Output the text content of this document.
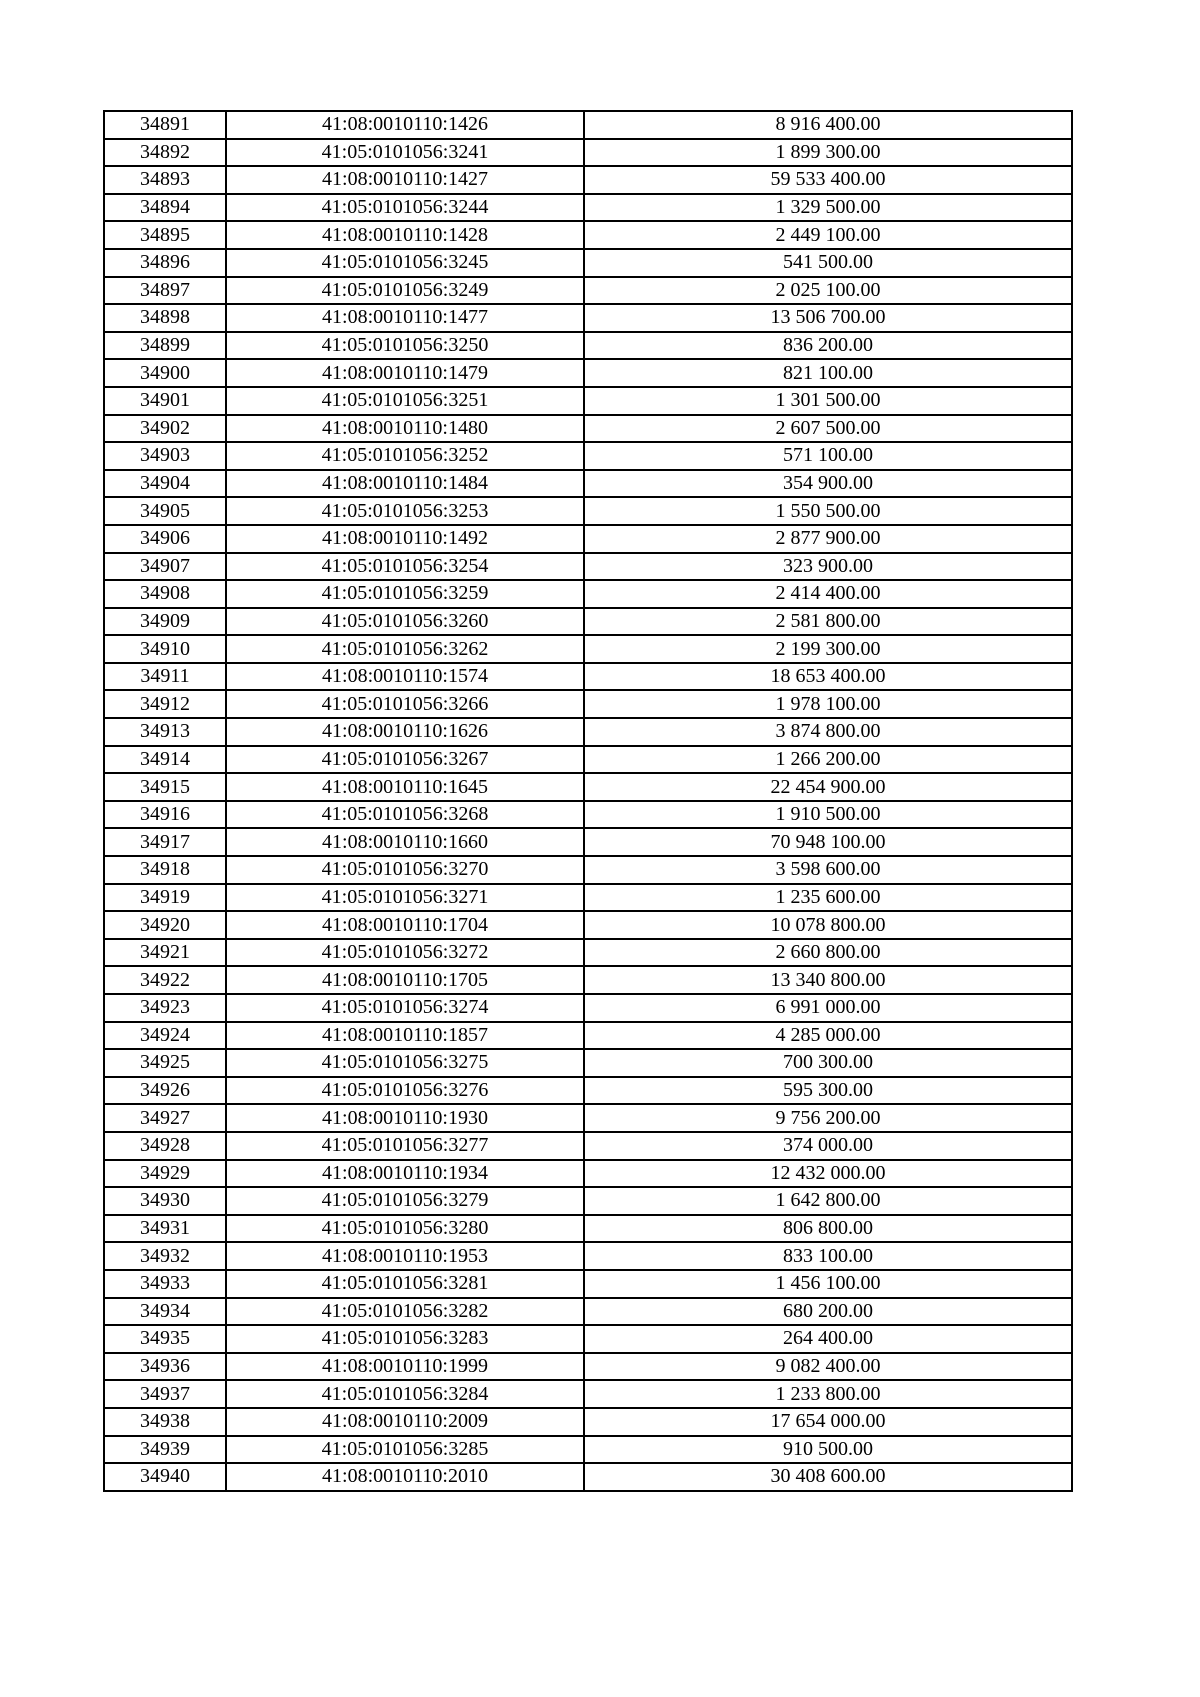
34891	41:08:0010110:1426	8 916 400.00
34892	41:05:0101056:3241	1 899 300.00
34893	41:08:0010110:1427	59 533 400.00
34894	41:05:0101056:3244	1 329 500.00
34895	41:08:0010110:1428	2 449 100.00
34896	41:05:0101056:3245	541 500.00
34897	41:05:0101056:3249	2 025 100.00
34898	41:08:0010110:1477	13 506 700.00
34899	41:05:0101056:3250	836 200.00
34900	41:08:0010110:1479	821 100.00
34901	41:05:0101056:3251	1 301 500.00
34902	41:08:0010110:1480	2 607 500.00
34903	41:05:0101056:3252	571 100.00
34904	41:08:0010110:1484	354 900.00
34905	41:05:0101056:3253	1 550 500.00
34906	41:08:0010110:1492	2 877 900.00
34907	41:05:0101056:3254	323 900.00
34908	41:05:0101056:3259	2 414 400.00
34909	41:05:0101056:3260	2 581 800.00
34910	41:05:0101056:3262	2 199 300.00
34911	41:08:0010110:1574	18 653 400.00
34912	41:05:0101056:3266	1 978 100.00
34913	41:08:0010110:1626	3 874 800.00
34914	41:05:0101056:3267	1 266 200.00
34915	41:08:0010110:1645	22 454 900.00
34916	41:05:0101056:3268	1 910 500.00
34917	41:08:0010110:1660	70 948 100.00
34918	41:05:0101056:3270	3 598 600.00
34919	41:05:0101056:3271	1 235 600.00
34920	41:08:0010110:1704	10 078 800.00
34921	41:05:0101056:3272	2 660 800.00
34922	41:08:0010110:1705	13 340 800.00
34923	41:05:0101056:3274	6 991 000.00
34924	41:08:0010110:1857	4 285 000.00
34925	41:05:0101056:3275	700 300.00
34926	41:05:0101056:3276	595 300.00
34927	41:08:0010110:1930	9 756 200.00
34928	41:05:0101056:3277	374 000.00
34929	41:08:0010110:1934	12 432 000.00
34930	41:05:0101056:3279	1 642 800.00
34931	41:05:0101056:3280	806 800.00
34932	41:08:0010110:1953	833 100.00
34933	41:05:0101056:3281	1 456 100.00
34934	41:05:0101056:3282	680 200.00
34935	41:05:0101056:3283	264 400.00
34936	41:08:0010110:1999	9 082 400.00
34937	41:05:0101056:3284	1 233 800.00
34938	41:08:0010110:2009	17 654 000.00
34939	41:05:0101056:3285	910 500.00
34940	41:08:0010110:2010	30 408 600.00
